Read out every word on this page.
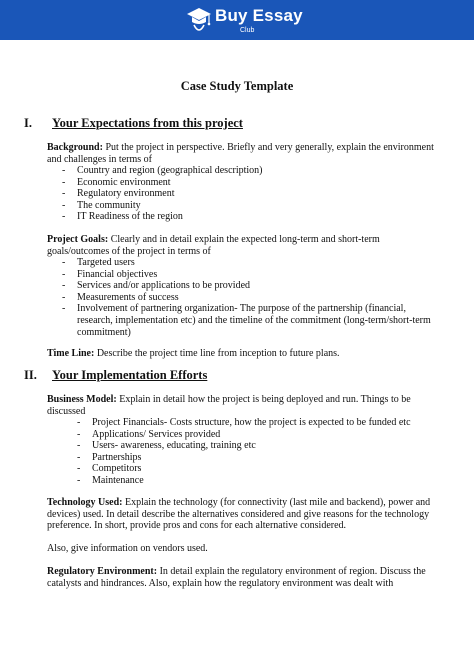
Buy Essay
Club
Case Study Template
I. Your Expectations from this project
Background: Put the project in perspective. Briefly and very generally, explain the environment and challenges in terms of
- Country and region (geographical description)
- Economic environment
- Regulatory environment
- The community
- IT Readiness of the region
Project Goals: Clearly and in detail explain the expected long-term and short-term goals/outcomes of the project in terms of
- Targeted users
- Financial objectives
- Services and/or applications to be provided
- Measurements of success
-	Involvement of partnering organization- The purpose of the partnership (financial, research, implementation etc) and the timeline of the commitment (long-term/short-term commitment)
Time Line: Describe the project time line from inception to future plans.
II. Your Implementation Efforts
Business Model: Explain in detail how the project is being deployed and run. Things to be discussed
- Project Financials- Costs structure, how the project is expected to be funded etc
- Applications/ Services provided
- Users- awareness, educating, training etc
- Partnerships
- Competitors
- Maintenance
Technology Used: Explain the technology (for connectivity (last mile and backend), power and devices) used. In detail describe the alternatives considered and give reasons for the technology preference. In short, provide pros and cons for each alternative considered.
Also, give information on vendors used.
Regulatory Environment: In detail explain the regulatory environment of region. Discuss the catalysts and hindrances. Also, explain how the regulatory environment was dealt with
